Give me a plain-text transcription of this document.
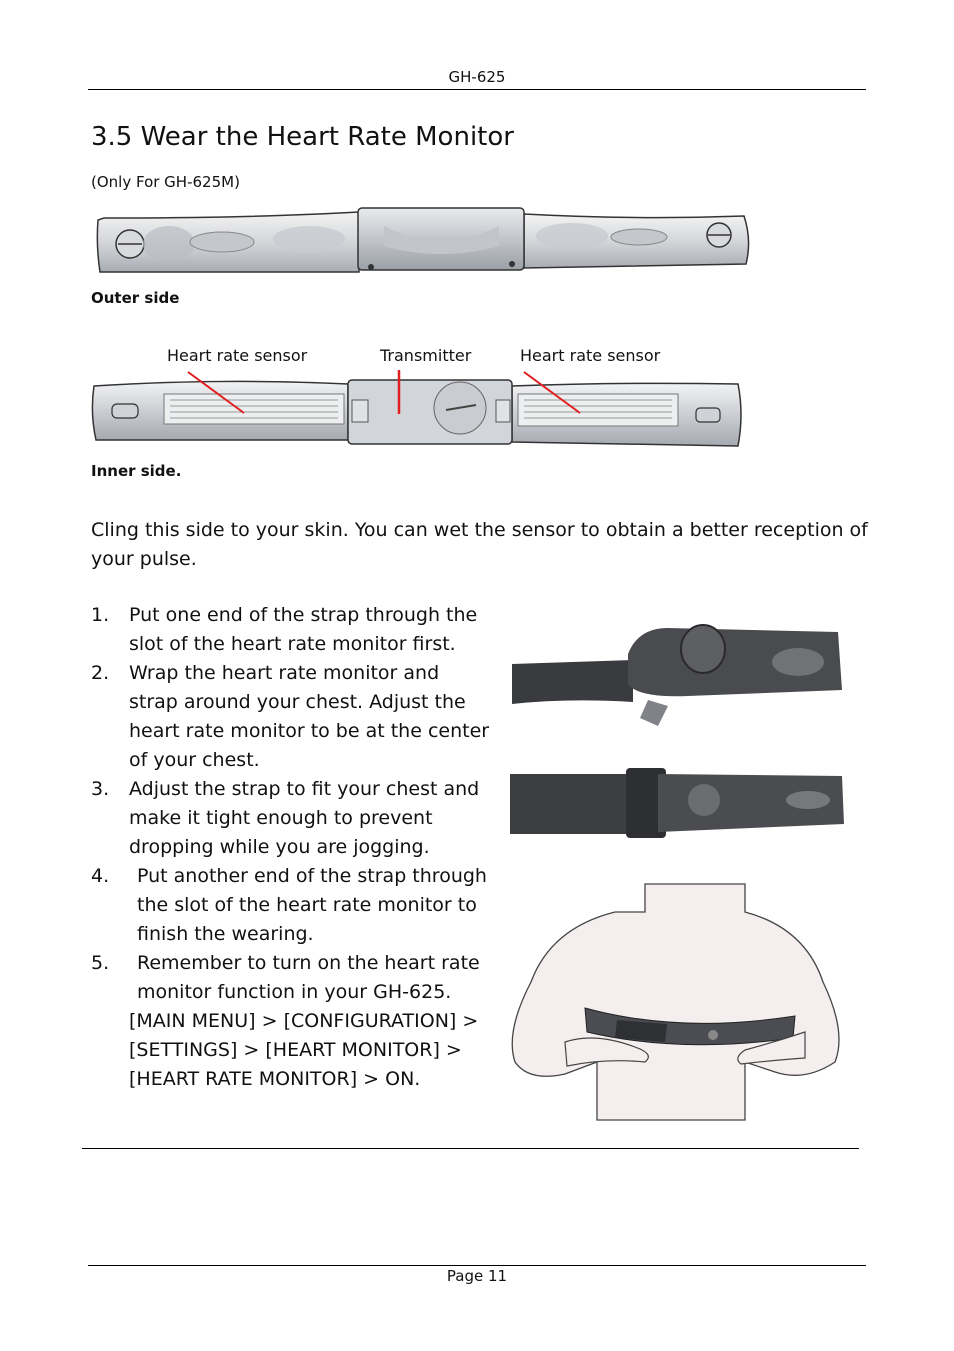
GH-625
3.5 Wear the Heart Rate Monitor
(Only For GH-625M)
Outer side
Heart rate sensor	Transmitter	Heart rate sensor
Inner side.
Cling this side to your skin. You can wet the sensor to obtain a better reception of your pulse.
1. Put one end of the strap through the slot of the heart rate monitor first.
2. Wrap the heart rate monitor and strap around your chest. Adjust the heart rate monitor to be at the center of your chest.
3. Adjust the strap to fit your chest and make it tight enough to prevent dropping while you are jogging.
4. Put another end of the strap through the slot of the heart rate monitor to finish the wearing.
5. Remember to turn on the heart rate monitor function in your GH-625.
[MAIN MENU] > [CONFIGURATION] > [SETTINGS] > [HEART MONITOR] > [HEART RATE MONITOR] > ON.
Page 11
